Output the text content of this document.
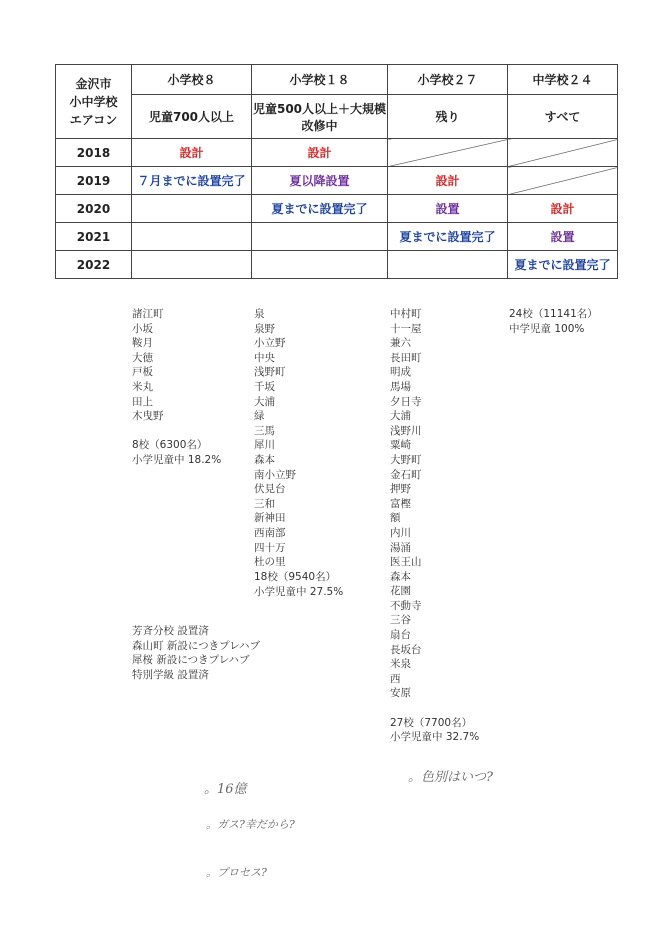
金沢市
小中学校
エアコン	小学校８	小学校１８	小学校２７	中学校２４
	児童700人以上	児童500人以上＋大規模改修中	残り	すべて
2018	設計	設計		
2019	７月までに設置完了	夏以降設置	設計	
2020		夏までに設置完了	設置	設計
2021			夏までに設置完了	設置
2022				夏までに設置完了
諸江町
小坂
鞍月
大徳
戸板
米丸
田上
木曳野
8校（6300名）
小学児童中 18.2%
泉
泉野
小立野
中央
浅野町
千坂
大浦
緑
三馬
犀川
森本
南小立野
伏見台
三和
新神田
西南部
四十万
杜の里
18校（9540名）
小学児童中 27.5%
中村町
十一屋
兼六
長田町
明成
馬場
夕日寺
大浦
浅野川
粟崎
大野町
金石町
押野
富樫
額
内川
湯涌
医王山
森本
花園
不動寺
三谷
扇台
長坂台
米泉
西
安原
27校（7700名）
小学児童中 32.7%
24校（11141名）
中学児童 100%
芳斉分校 設置済
森山町 新設につきプレハブ
犀桜 新設につきプレハブ
特別学級 設置済
。16億
。ガス?幸だから?
。プロセス?
。色別はいつ?
